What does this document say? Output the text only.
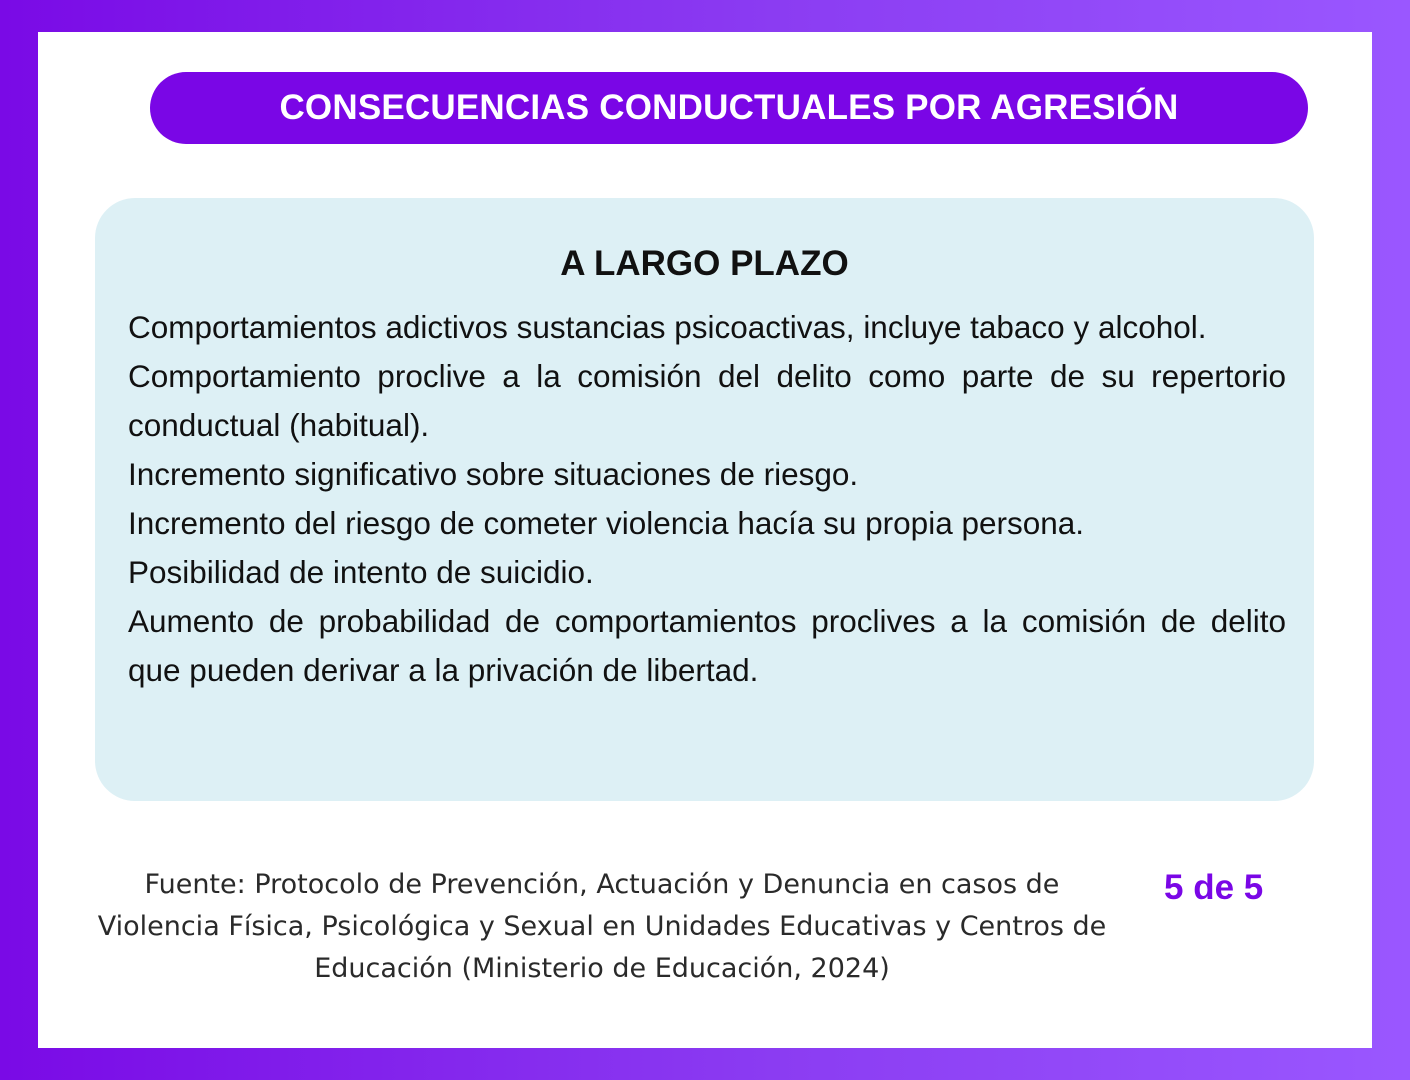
CONSECUENCIAS CONDUCTUALES POR AGRESIÓN
A LARGO PLAZO
Comportamientos adictivos sustancias psicoactivas, incluye tabaco y alcohol.
Comportamiento proclive a la comisión del delito como parte de su repertorio conductual (habitual).
Incremento significativo sobre situaciones de riesgo.
Incremento del riesgo de cometer violencia hacía su propia persona.
Posibilidad de intento de suicidio.
Aumento de probabilidad de comportamientos proclives a la comisión de delito que pueden derivar a la privación de libertad.
Fuente: Protocolo de Prevención, Actuación y Denuncia en casos de Violencia Física, Psicológica y Sexual en Unidades Educativas y Centros de Educación (Ministerio de Educación, 2024)
5 de 5
